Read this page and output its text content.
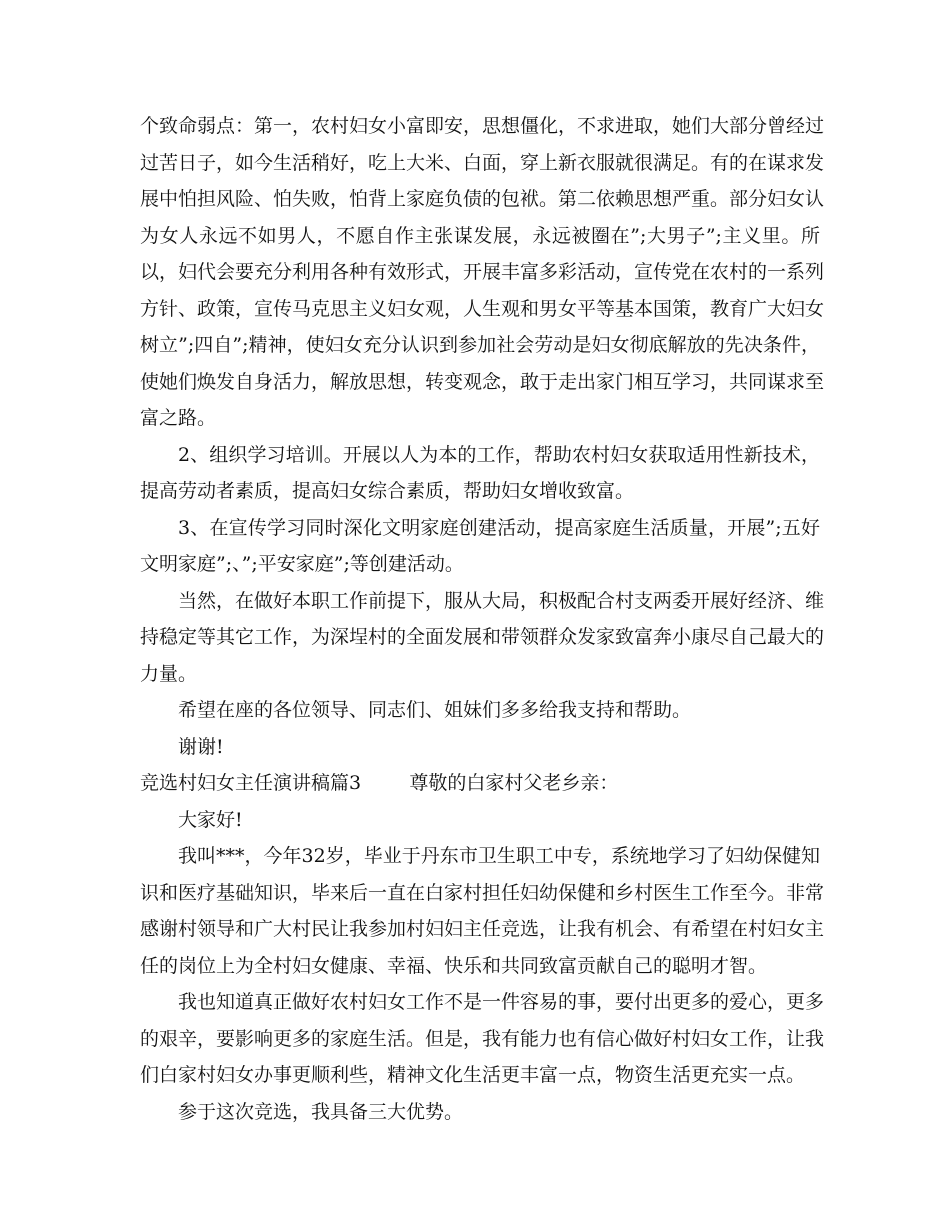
个致命弱点：第一，农村妇女小富即安，思想僵化，不求进取，她们大部分曾经过
过苦日子，如今生活稍好，吃上大米、白面，穿上新衣服就很满足。有的在谋求发
展中怕担风险、怕失败，怕背上家庭负债的包袱。第二依赖思想严重。部分妇女认
为女人永远不如男人，不愿自作主张谋发展，永远被圈在”;大男子”;主义里。所
以，妇代会要充分利用各种有效形式，开展丰富多彩活动，宣传党在农村的一系列
方针、政策，宣传马克思主义妇女观，人生观和男女平等基本国策，教育广大妇女
树立”;四自”;精神，使妇女充分认识到参加社会劳动是妇女彻底解放的先决条件，
使她们焕发自身活力，解放思想，转变观念，敢于走出家门相互学习，共同谋求至
富之路。
2、组织学习培训。开展以人为本的工作，帮助农村妇女获取适用性新技术，
提高劳动者素质，提高妇女综合素质，帮助妇女增收致富。
3、在宣传学习同时深化文明家庭创建活动，提高家庭生活质量，开展”;五好
文明家庭”;、”;平安家庭”;等创建活动。
当然，在做好本职工作前提下，服从大局，积极配合村支两委开展好经济、维
持稳定等其它工作，为深埕村的全面发展和带领群众发家致富奔小康尽自己最大的
力量。
希望在座的各位领导、同志们、姐妹们多多给我支持和帮助。
谢谢!
竞选村妇女主任演讲稿篇3        尊敬的白家村父老乡亲：
大家好!
我叫***，今年32岁，毕业于丹东市卫生职工中专，系统地学习了妇幼保健知
识和医疗基础知识，毕来后一直在白家村担任妇幼保健和乡村医生工作至今。非常
感谢村领导和广大村民让我参加村妇妇主任竞选，让我有机会、有希望在村妇女主
任的岗位上为全村妇女健康、幸福、快乐和共同致富贡献自己的聪明才智。
我也知道真正做好农村妇女工作不是一件容易的事，要付出更多的爱心，更多
的艰辛，要影响更多的家庭生活。但是，我有能力也有信心做好村妇女工作，让我
们白家村妇女办事更顺利些，精神文化生活更丰富一点，物资生活更充实一点。
参于这次竞选，我具备三大优势。
